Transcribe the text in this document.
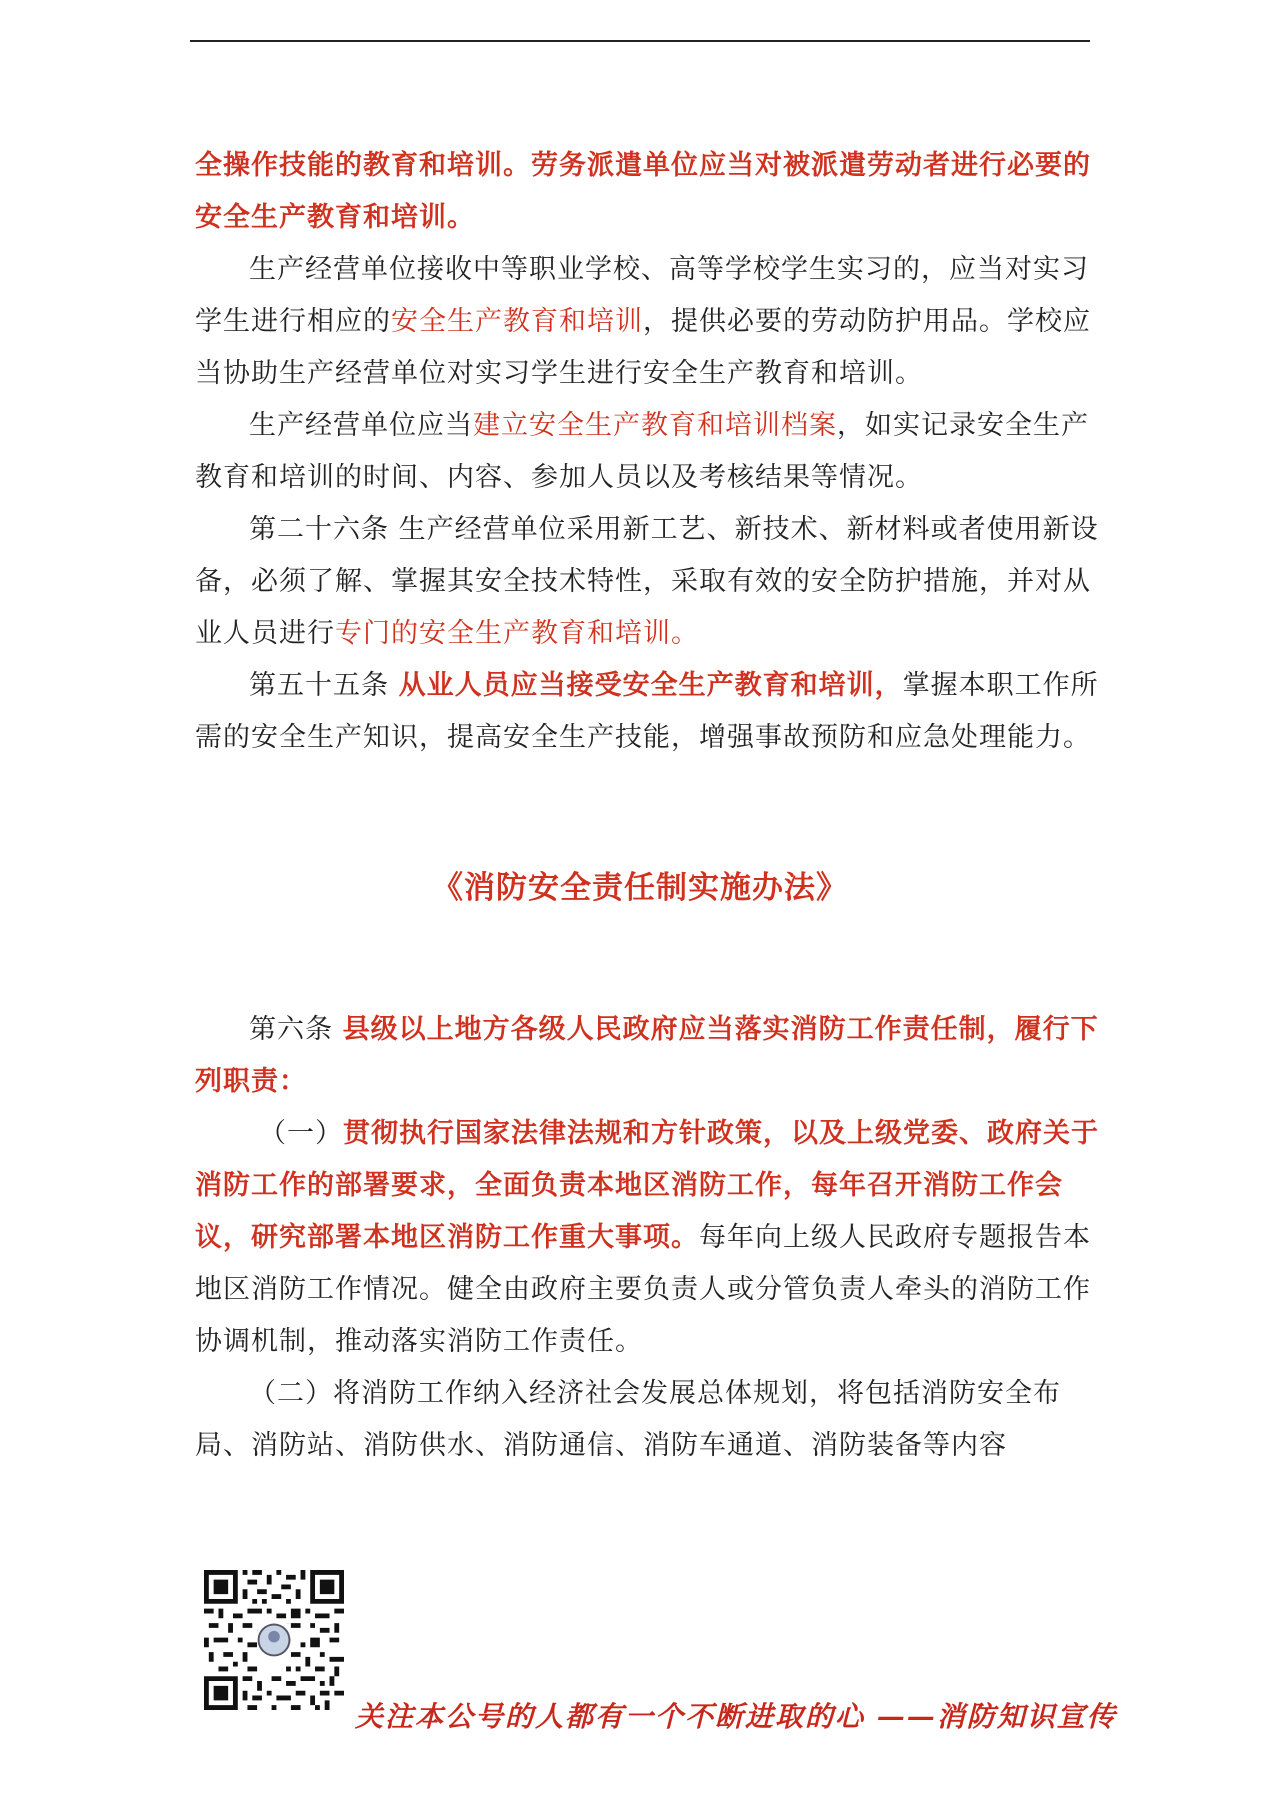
全操作技能的教育和培训。劳务派遣单位应当对被派遣劳动者进行必要的安全生产教育和培训。

生产经营单位接收中等职业学校、高等学校学生实习的，应当对实习学生进行相应的安全生产教育和培训，提供必要的劳动防护用品。学校应当协助生产经营单位对实习学生进行安全生产教育和培训。

生产经营单位应当建立安全生产教育和培训档案，如实记录安全生产教育和培训的时间、内容、参加人员以及考核结果等情况。

第二十六条 生产经营单位采用新工艺、新技术、新材料或者使用新设备，必须了解、掌握其安全技术特性，采取有效的安全防护措施，并对从业人员进行专门的安全生产教育和培训。

第五十五条 从业人员应当接受安全生产教育和培训，掌握本职工作所需的安全生产知识，提高安全生产技能，增强事故预防和应急处理能力。

《消防安全责任制实施办法》

第六条 县级以上地方各级人民政府应当落实消防工作责任制，履行下列职责：

（一）贯彻执行国家法律法规和方针政策，以及上级党委、政府关于消防工作的部署要求，全面负责本地区消防工作，每年召开消防工作会议，研究部署本地区消防工作重大事项。每年向上级人民政府专题报告本地区消防工作情况。健全由政府主要负责人或分管负责人牵头的消防工作协调机制，推动落实消防工作责任。

（二）将消防工作纳入经济社会发展总体规划，将包括消防安全布局、消防站、消防供水、消防通信、消防车通道、消防装备等内容

关注本公号的人都有一个不断进取的心 ——消防知识宣传
